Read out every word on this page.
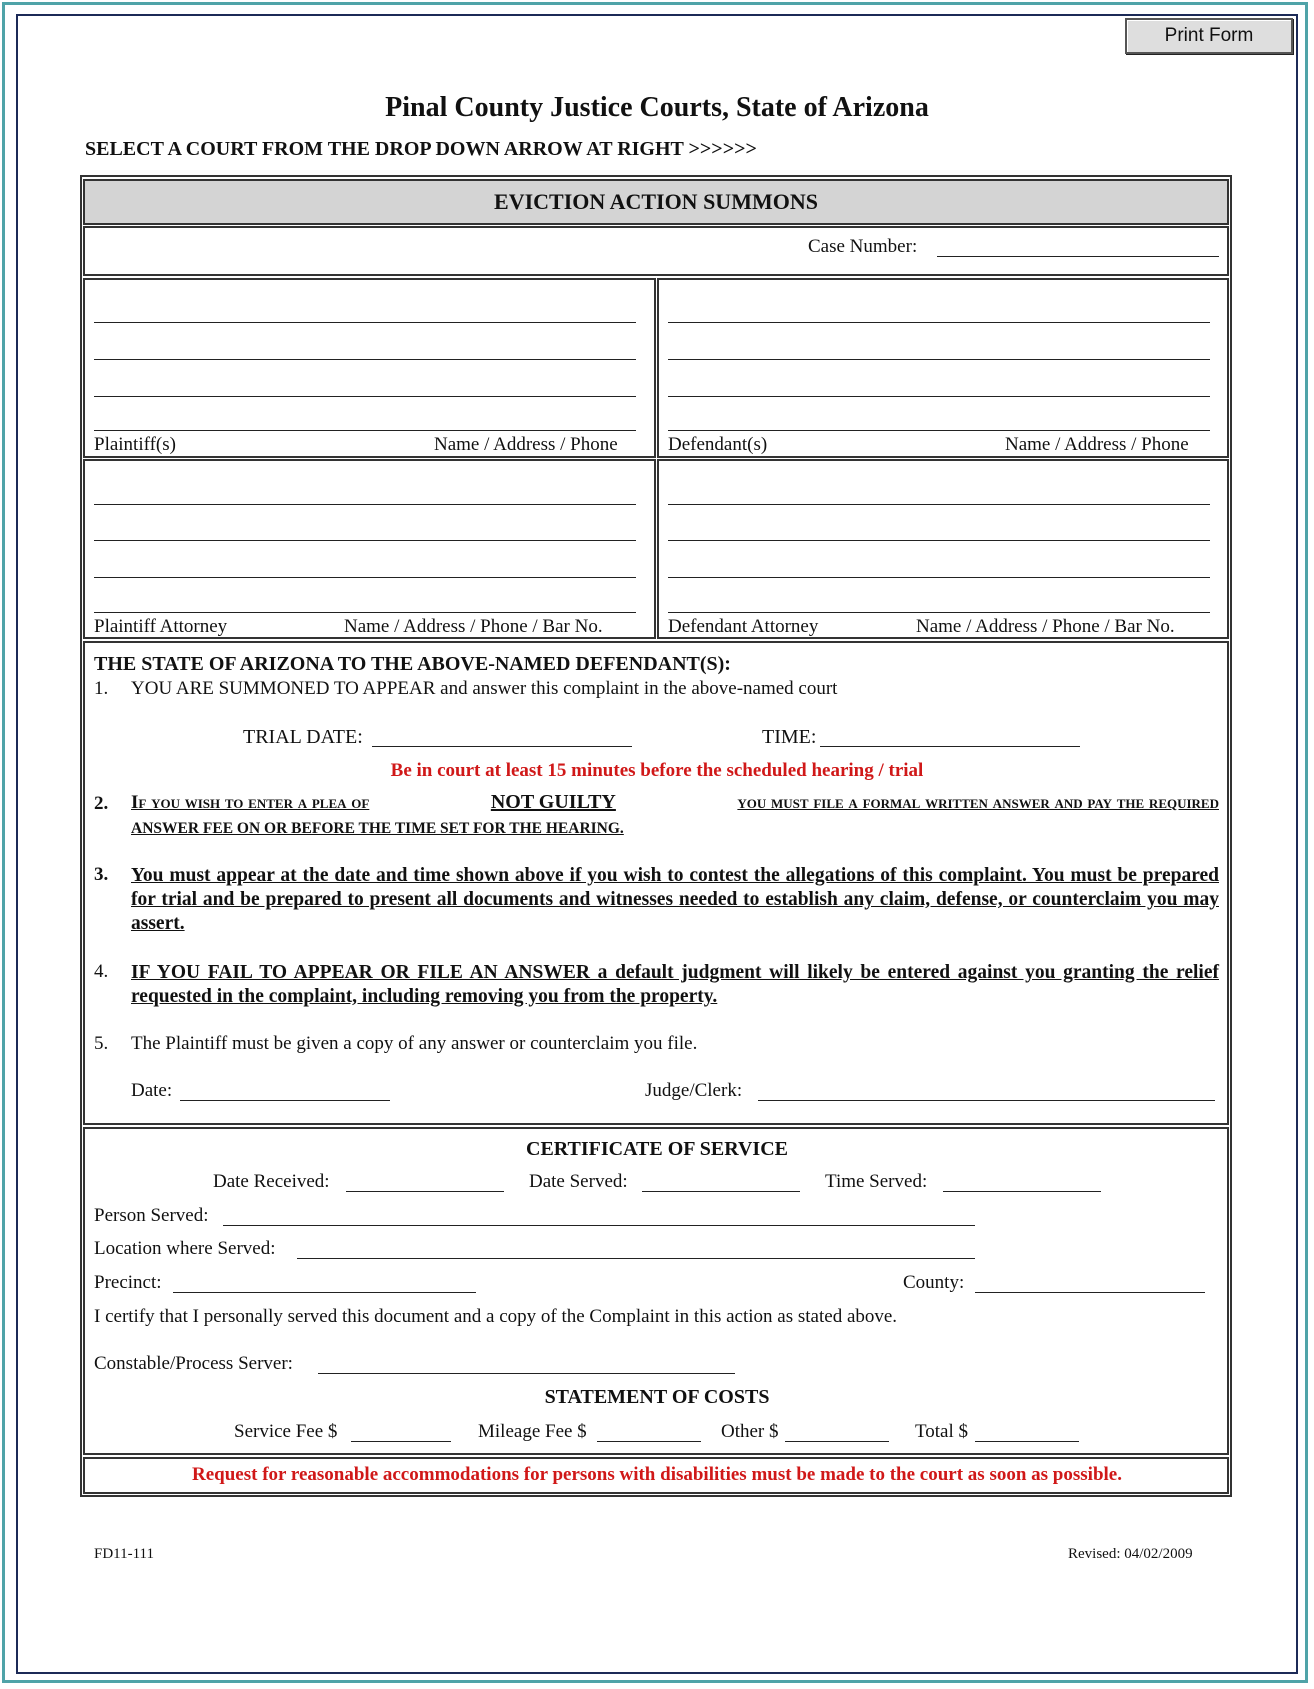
Print Form
Pinal County Justice Courts, State of Arizona
SELECT A COURT FROM THE DROP DOWN ARROW AT RIGHT >>>>>>
EVICTION ACTION SUMMONS
Case Number:
Plaintiff(s)	Name / Address / Phone	Defendant(s)	Name / Address / Phone
Plaintiff Attorney	Name / Address / Phone / Bar No.	Defendant Attorney	Name / Address / Phone / Bar No.
THE STATE OF ARIZONA TO THE ABOVE-NAMED DEFENDANT(S):
1. YOU ARE SUMMONED TO APPEAR and answer this complaint in the above-named court
TRIAL DATE:	TIME:
Be in court at least 15 minutes before the scheduled hearing / trial
2. If you wish to enter a plea of	NOT GUILTY	you must file a formal written answer and pay the required
ANSWER FEE ON OR BEFORE THE TIME SET FOR THE HEARING.
3. You must appear at the date and time shown above if you wish to contest the allegations of this complaint. You must be prepared for trial and be prepared to present all documents and witnesses needed to establish any claim, defense, or counterclaim you may assert.
4. IF YOU FAIL TO APPEAR OR FILE AN ANSWER a default judgment will likely be entered against you granting the relief requested in the complaint, including removing you from the property.
5. The Plaintiff must be given a copy of any answer or counterclaim you file.
Date:	Judge/Clerk:
CERTIFICATE OF SERVICE
Date Received:	Date Served:	Time Served:
Person Served:
Location where Served:
Precinct:	County:
I certify that I personally served this document and a copy of the Complaint in this action as stated above.
Constable/Process Server:
STATEMENT OF COSTS
Service Fee $	Mileage Fee $	Other $	Total $
Request for reasonable accommodations for persons with disabilities must be made to the court as soon as possible.
FD11-111	Revised: 04/02/2009
